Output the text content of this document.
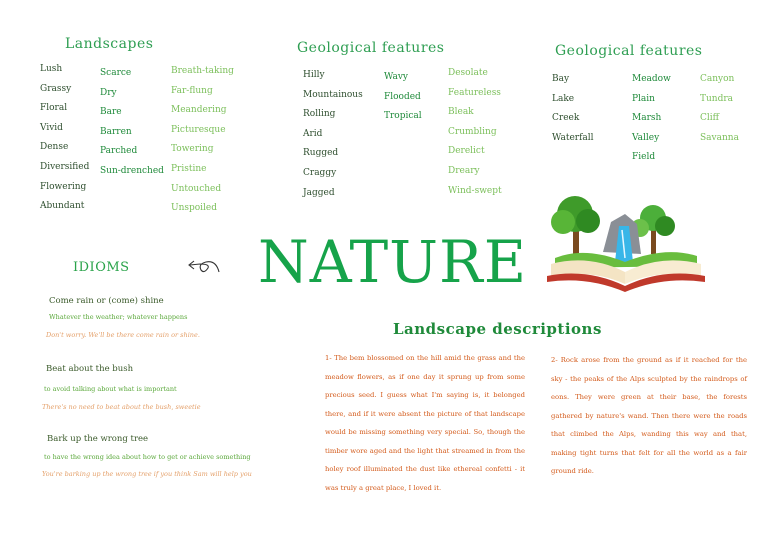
Landscapes
Lush
Grassy
Floral
Vivid
Dense
Diversified
Flowering
Abundant
Scarce
Dry
Bare
Barren
Parched
Sun-drenched
Breath-taking
Far-flung
Meandering
Picturesque
Towering
Pristine
Untouched
Unspoiled
Geological features
Hilly
Mountainous
Rolling
Arid
Rugged
Craggy
Jagged
Wavy
Flooded
Tropical
Desolate
Featureless
Bleak
Crumbling
Derelict
Dreary
Wind-swept
Geological features
Bay
Lake
Creek
Waterfall
Meadow
Plain
Marsh
Valley
Field
Canyon
Tundra
Cliff
Savanna
NATURE
IDIOMS
Come rain or (come) shine
Whatever the weather; whatever happens
Don't worry. We'll be there come rain or shine.
Beat about the bush
to avoid talking about what is important
There's no need to beat about the bush, sweetie
Bark up the wrong tree
to have the wrong idea about how to get or achieve something
You're barking up the wrong tree if you think Sam will help you
Landscape descriptions
1- The bem blossomed on the hill amid the grass and the meadow flowers, as if one day it sprung up from some precious seed. I guess what I'm saying is, it belonged there, and if it were absent the picture of that landscape would be missing something very special. So, though the timber wore aged and the light that streamed in from the holey roof illuminated the dust like ethereal confetti - it was truly a great place, I loved it.
2- Rock arose from the ground as if it reached for the sky - the peaks of the Alps sculpted by the raindrops of eons. They were green at their base, the forests gathered by nature's wand. Then there were the roads that climbed the Alps, wanding this way and that, making tight turns that felt for all the world as a fair ground ride.
